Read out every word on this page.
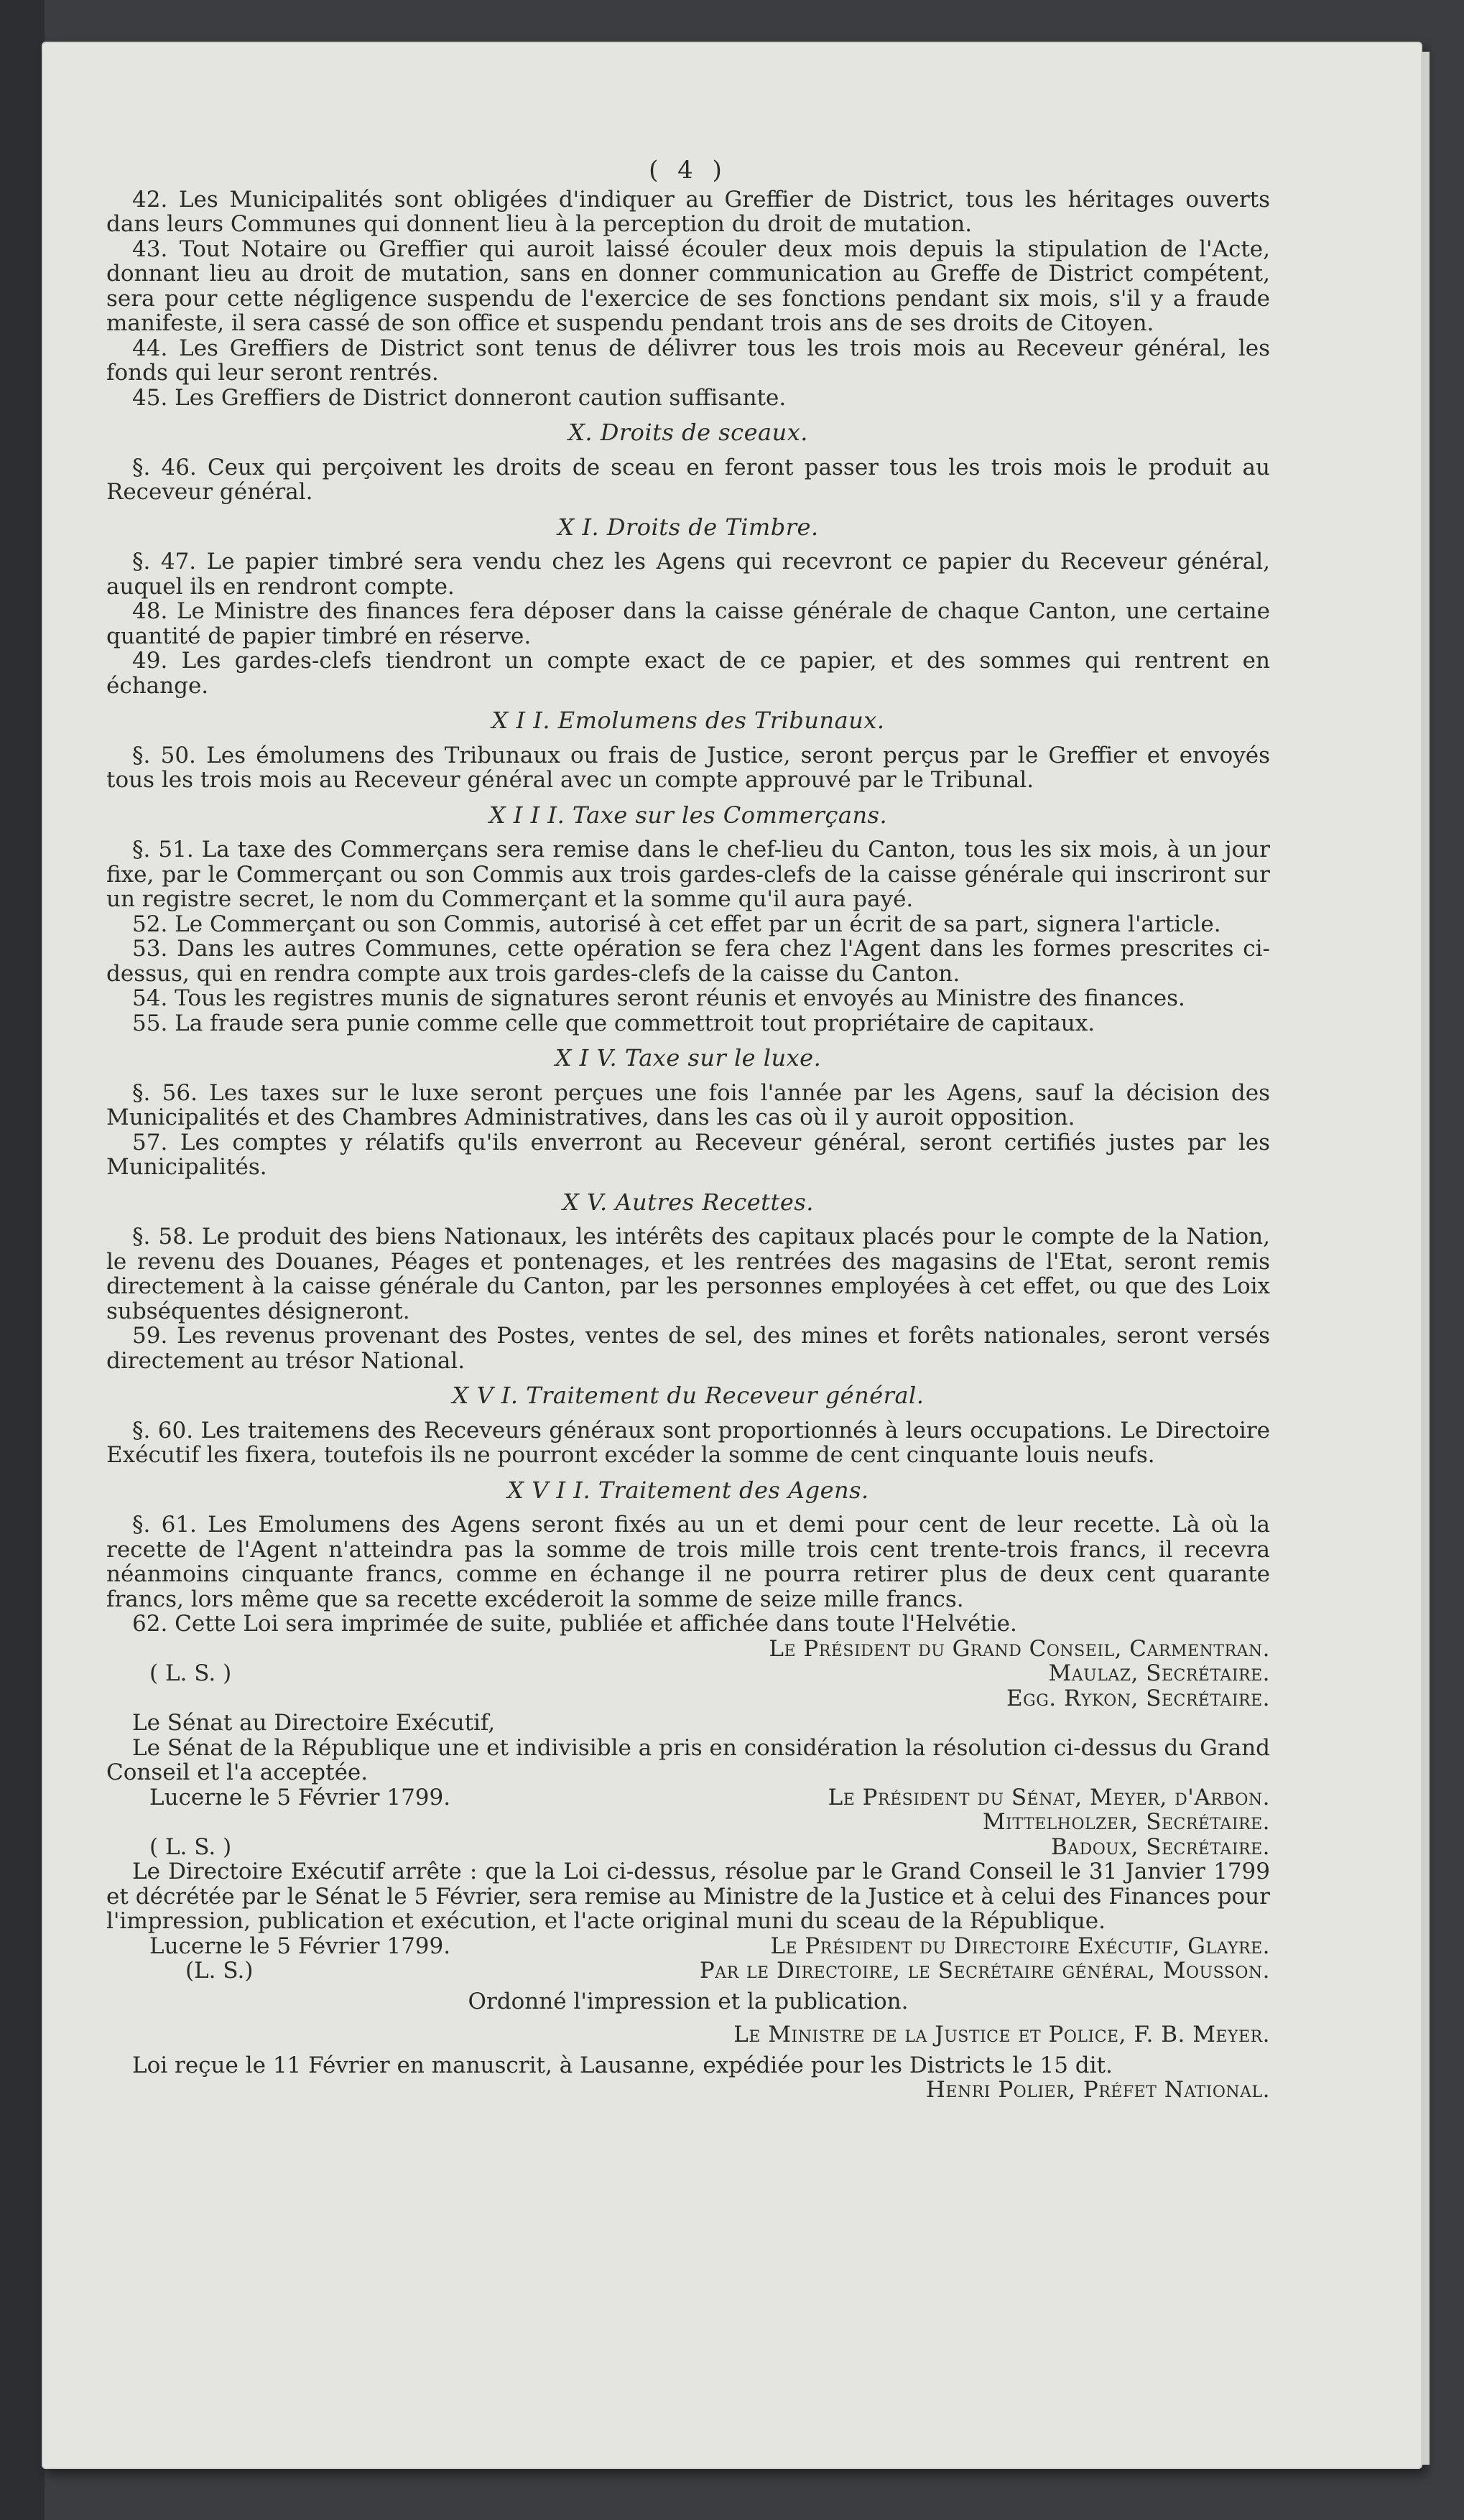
( 4 )

42. Les Municipalités sont obligées d'indiquer au Greffier de District, tous les héritages ouverts dans leurs Communes qui donnent lieu à la perception du droit de mutation.

43. Tout Notaire ou Greffier qui auroit laissé écouler deux mois depuis la stipulation de l'Acte, donnant lieu au droit de mutation, sans en donner communication au Greffe de District compétent, sera pour cette négligence suspendu de l'exercice de ses fonctions pendant six mois, s'il y a fraude manifeste, il sera cassé de son office et suspendu pendant trois ans de ses droits de Citoyen.

44. Les Greffiers de District sont tenus de délivrer tous les trois mois au Receveur général, les fonds qui leur seront rentrés.

45. Les Greffiers de District donneront caution suffisante.

X. Droits de sceaux.

§. 46. Ceux qui perçoivent les droits de sceau en feront passer tous les trois mois le produit au Receveur général.

X I. Droits de Timbre.

§. 47. Le papier timbré sera vendu chez les Agens qui recevront ce papier du Receveur général, auquel ils en rendront compte.

48. Le Ministre des finances fera déposer dans la caisse générale de chaque Canton, une certaine quantité de papier timbré en réserve.

49. Les gardes-clefs tiendront un compte exact de ce papier, et des sommes qui rentrent en échange.

X I I. Emolumens des Tribunaux.

§. 50. Les émolumens des Tribunaux ou frais de Justice, seront perçus par le Greffier et envoyés tous les trois mois au Receveur général avec un compte approuvé par le Tribunal.

X I I I. Taxe sur les Commerçans.

§. 51. La taxe des Commerçans sera remise dans le chef-lieu du Canton, tous les six mois, à un jour fixe, par le Commerçant ou son Commis aux trois gardes-clefs de la caisse générale qui inscriront sur un registre secret, le nom du Commerçant et la somme qu'il aura payé.

52. Le Commerçant ou son Commis, autorisé à cet effet par un écrit de sa part, signera l'article.

53. Dans les autres Communes, cette opération se fera chez l'Agent dans les formes prescrites ci-dessus, qui en rendra compte aux trois gardes-clefs de la caisse du Canton.

54. Tous les registres munis de signatures seront réunis et envoyés au Ministre des finances.

55. La fraude sera punie comme celle que commettroit tout propriétaire de capitaux.

X I V. Taxe sur le luxe.

§. 56. Les taxes sur le luxe seront perçues une fois l'année par les Agens, sauf la décision des Municipalités et des Chambres Administratives, dans les cas où il y auroit opposition.

57. Les comptes y rélatifs qu'ils enverront au Receveur général, seront certifiés justes par les Municipalités.

X V. Autres Recettes.

§. 58. Le produit des biens Nationaux, les intérêts des capitaux placés pour le compte de la Nation, le revenu des Douanes, Péages et pontenages, et les rentrées des magasins de l'Etat, seront remis directement à la caisse générale du Canton, par les personnes employées à cet effet, ou que des Loix subséquentes désigneront.

59. Les revenus provenant des Postes, ventes de sel, des mines et forêts nationales, seront versés directement au trésor National.

X V I. Traitement du Receveur général.

§. 60. Les traitemens des Receveurs généraux sont proportionnés à leurs occupations. Le Directoire Exécutif les fixera, toutefois ils ne pourront excéder la somme de cent cinquante louis neufs.

X V I I. Traitement des Agens.

§. 61. Les Emolumens des Agens seront fixés au un et demi pour cent de leur recette. Là où la recette de l'Agent n'atteindra pas la somme de trois mille trois cent trente-trois francs, il recevra néanmoins cinquante francs, comme en échange il ne pourra retirer plus de deux cent quarante francs, lors même que sa recette excéderoit la somme de seize mille francs.

62. Cette Loi sera imprimée de suite, publiée et affichée dans toute l'Helvétie.

Le Président du Grand Conseil, Carmentran.
( L. S. )	Maulaz, Secrétaire.
Egg. Rykon, Secrétaire.

Le Sénat au Directoire Exécutif,

Le Sénat de la République une et indivisible a pris en considération la résolution ci-dessus du Grand Conseil et l'a acceptée.

Lucerne le 5 Février 1799.	Le Président du Sénat, Meyer, d'Arbon.
Mittelholzer, Secrétaire.
( L. S. )	Badoux, Secrétaire.

Le Directoire Exécutif arrête : que la Loi ci-dessus, résolue par le Grand Conseil le 31 Janvier 1799 et décrétée par le Sénat le 5 Février, sera remise au Ministre de la Justice et à celui des Finances pour l'impression, publication et exécution, et l'acte original muni du sceau de la République.

Lucerne le 5 Février 1799.	Le Président du Directoire Exécutif, Glayre.
(L. S.)	Par le Directoire, le Secrétaire général, Mousson.
Ordonné l'impression et la publication.
Le Ministre de la Justice et Police, F. B. Meyer.

Loi reçue le 11 Février en manuscrit, à Lausanne, expédiée pour les Districts le 15 dit.

Henri Polier, Préfet National.
